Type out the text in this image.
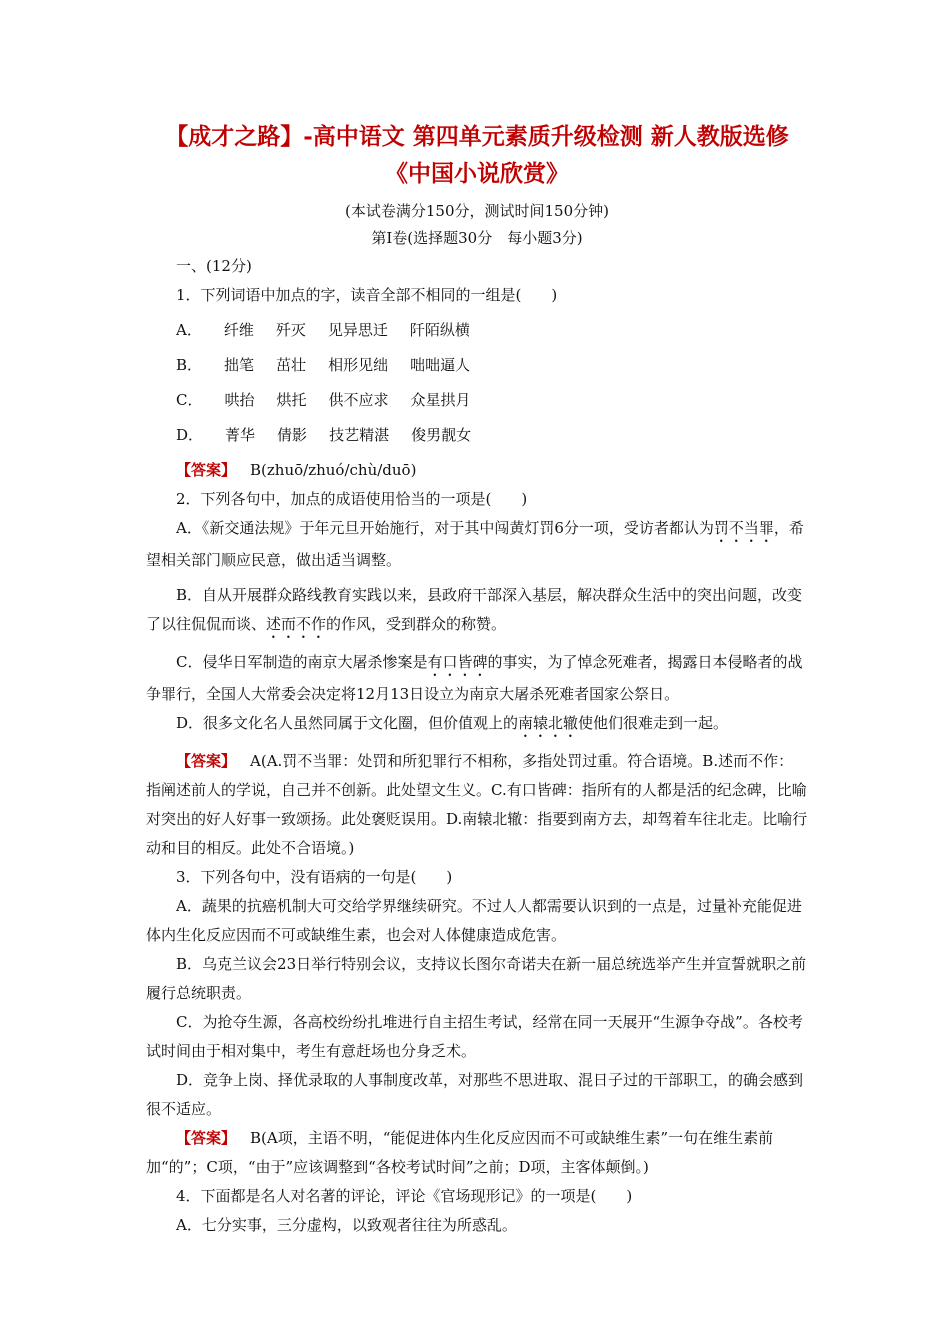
【成才之路】-高中语文 第四单元素质升级检测 新人教版选修《中国小说欣赏》

(本试卷满分150分，测试时间150分钟)

第Ⅰ卷(选择题30分　每小题3分)

一、(12分)

1．下列词语中加点的字，读音全部不相同的一组是(　　)

A． 纤维 歼灭 见异思迁 阡陌纵横

B． 拙笔 茁壮 相形见绌 咄咄逼人

C． 哄抬 烘托 供不应求 众星拱月

D． 菁华 倩影 技艺精湛 俊男靓女

【答案】 B(zhuō/zhuó/chù/duō)

2．下列各句中，加点的成语使用恰当的一项是(　　)

A．《新交通法规》于年元旦开始施行，对于其中闯黄灯罚6分一项，受访者都认为罚不当罪，希望相关部门顺应民意，做出适当调整。

B．自从开展群众路线教育实践以来，县政府干部深入基层，解决群众生活中的突出问题，改变了以往侃侃而谈、述而不作的作风，受到群众的称赞。

C．侵华日军制造的南京大屠杀惨案是有口皆碑的事实，为了悼念死难者，揭露日本侵略者的战争罪行，全国人大常委会决定将12月13日设立为南京大屠杀死难者国家公祭日。

D．很多文化名人虽然同属于文化圈，但价值观上的南辕北辙使他们很难走到一起。

【答案】 A(A.罚不当罪：处罚和所犯罪行不相称，多指处罚过重。符合语境。B.述而不作：指阐述前人的学说，自己并不创新。此处望文生义。C.有口皆碑：指所有的人都是活的纪念碑，比喻对突出的好人好事一致颂扬。此处褒贬误用。D.南辕北辙：指要到南方去，却驾着车往北走。比喻行动和目的相反。此处不合语境。)

3．下列各句中，没有语病的一句是(　　)

A．蔬果的抗癌机制大可交给学界继续研究。不过人人都需要认识到的一点是，过量补充能促进体内生化反应因而不可或缺维生素，也会对人体健康造成危害。

B．乌克兰议会23日举行特别会议，支持议长图尔奇诺夫在新一届总统选举产生并宣誓就职之前履行总统职责。

C．为抢夺生源，各高校纷纷扎堆进行自主招生考试，经常在同一天展开“生源争夺战”。各校考试时间由于相对集中，考生有意赶场也分身乏术。

D．竞争上岗、择优录取的人事制度改革，对那些不思进取、混日子过的干部职工，的确会感到很不适应。

【答案】 B(A项，主语不明，“能促进体内生化反应因而不可或缺维生素”一句在维生素前加“的”；C项，“由于”应该调整到“各校考试时间”之前；D项，主客体颠倒。)

4．下面都是名人对名著的评论，评论《官场现形记》的一项是(　　)

A．七分实事，三分虚构，以致观者往往为所惑乱。
